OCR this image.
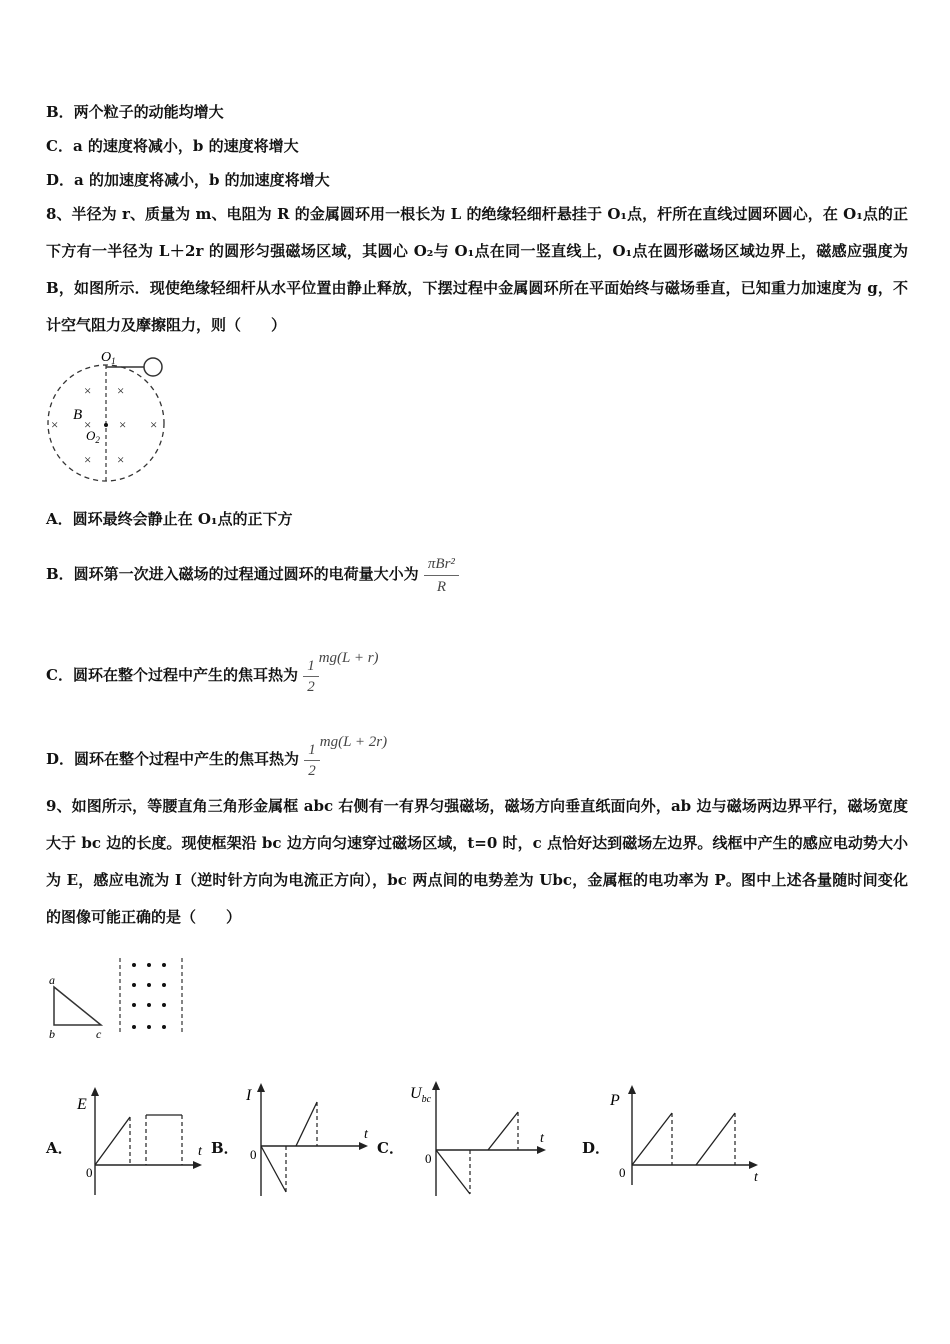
B．两个粒子的动能均增大
C．a 的速度将减小，b 的速度将增大
D．a 的加速度将减小，b 的加速度将增大
8、半径为 r、质量为 m、电阻为 R 的金属圆环用一根长为 L 的绝缘轻细杆悬挂于 O₁点，杆所在直线过圆环圆心，在 O₁点的正下方有一半径为 L＋2r 的圆形匀强磁场区域，其圆心 O₂与 O₁点在同一竖直线上，O₁点在圆形磁场区域边界上，磁感应强度为 B，如图所示．现使绝缘轻细杆从水平位置由静止释放，下摆过程中金属圆环所在平面始终与磁场垂直，已知重力加速度为 g，不计空气阻力及摩擦阻力，则（　　）
$O_1$
B
$O_2$
× ×
× × × ×
× ×
A．圆环最终会静止在 O₁点的正下方
B．圆环第一次进入磁场的过程通过圆环的电荷量大小为 $\frac{\text{πBr²}}{R}$
C．圆环在整个过程中产生的焦耳热为 $\frac{1}{2} mg(L + r)$
D．圆环在整个过程中产生的焦耳热为 $\frac{1}{2} mg(L + 2r)$
9、如图所示，等腰直角三角形金属框 abc 右侧有一有界匀强磁场，磁场方向垂直纸面向外，ab 边与磁场两边界平行，磁场宽度大于 bc 边的长度。现使框架沿 bc 边方向匀速穿过磁场区域，t=0 时，c 点恰好达到磁场左边界。线框中产生的感应电动势大小为 E，感应电流为 I（逆时针方向为电流正方向），bc 两点间的电势差为 Ubc，金属框的电功率为 P。图中上述各量随时间变化的图像可能正确的是（　　）
a
b	c
A．
E
0
t B．
I
0
t
C．
$U_{bc}$
0
t
D．
P
0	t
